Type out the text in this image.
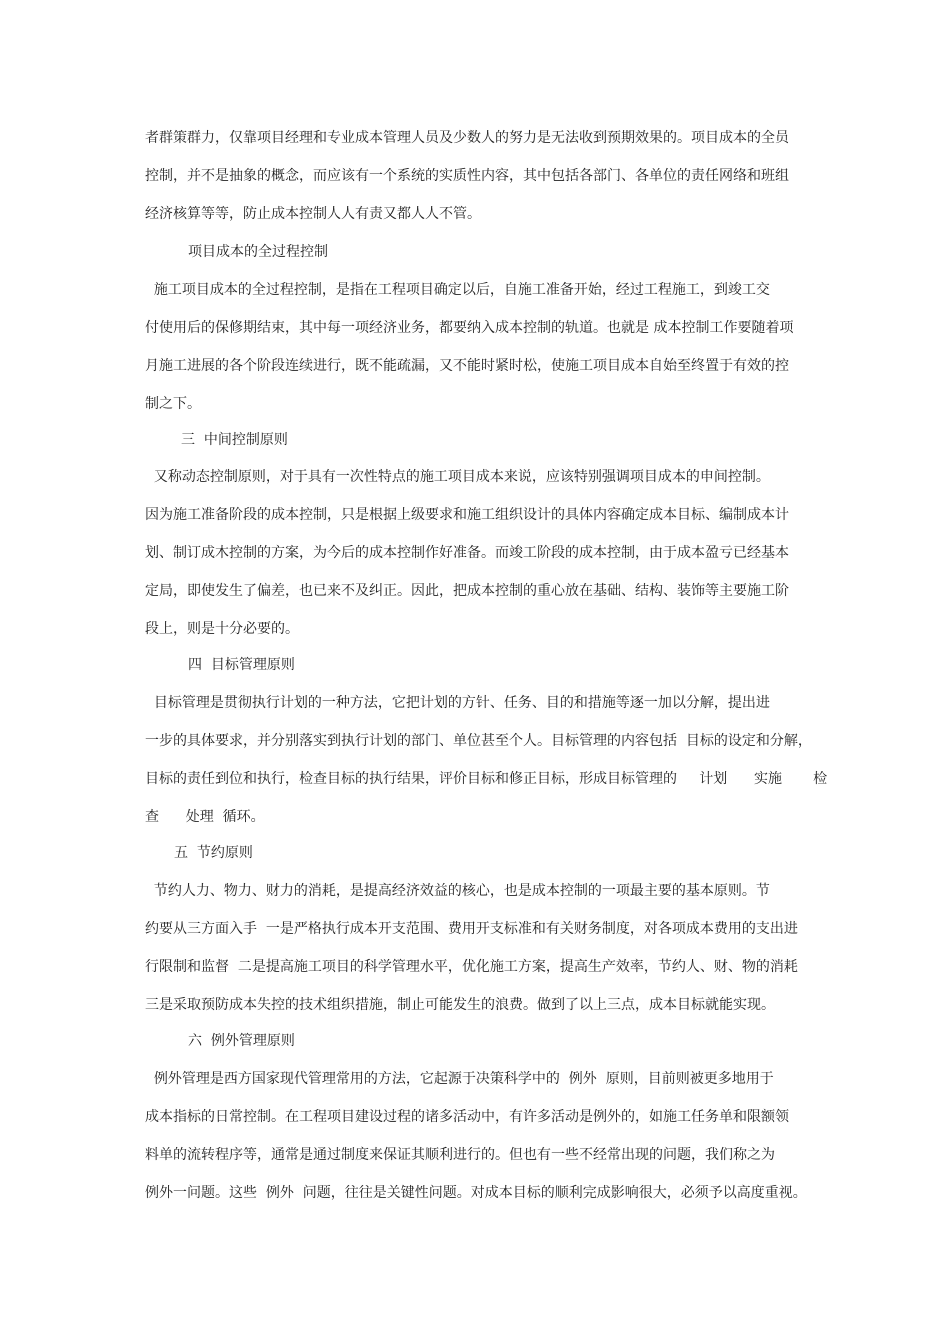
者群策群力，仅靠项目经理和专业成本管理人员及少数人的努力是无法收到预期效果的。项目成本的全员

控制，并不是抽象的概念，而应该有一个系统的实质性内容，其中包括各部门、各单位的责任网络和班组

经济核算等等，防止成本控制人人有责又都人人不管。

项目成本的全过程控制

施工项目成本的全过程控制，是指在工程项目确定以后，自施工准备开始，经过工程施工，到竣工交

付使用后的保修期结束，其中每一项经济业务，都要纳入成本控制的轨道。也就是 成本控制工作要随着项

月施工进展的各个阶段连续进行，既不能疏漏，又不能时紧时松，使施工项目成本自始至终置于有效的控

制之下。

三  中间控制原则

又称动态控制原则，对于具有一次性特点的施工项目成本来说，应该特别强调项目成本的申间控制。

因为施工准备阶段的成本控制，只是根据上级要求和施工组织设计的具体内容确定成本目标、编制成本计

划、制订成木控制的方案，为今后的成本控制作好准备。而竣工阶段的成本控制，由于成本盈亏已经基本

定局，即使发生了偏差，也已来不及纠正。因此，把成本控制的重心放在基础、结构、装饰等主要施工阶

段上，则是十分必要的。

四  目标管理原则

目标管理是贯彻执行计划的一种方法，它把计划的方针、任务、目的和措施等逐一加以分解，提出进

一步的具体要求，并分别落实到执行计划的部门、单位甚至个人。目标管理的内容包括  目标的设定和分解，

目标的责任到位和执行，检查目标的执行结果，评价目标和修正目标，形成目标管理的     计划      实施       检

查      处理  循环。

五  节约原则

节约人力、物力、财力的消耗，是提高经济效益的核心，也是成本控制的一项最主要的基本原则。节

约要从三方面入手  一是严格执行成本开支范围、费用开支标准和有关财务制度，对各项成本费用的支出进

行限制和监督  二是提高施工项目的科学管理水平，优化施工方案，提高生产效率，节约人、财、物的消耗

三是采取预防成本失控的技术组织措施，制止可能发生的浪费。做到了以上三点，成本目标就能实现。

六  例外管理原则

例外管理是西方国家现代管理常用的方法，它起源于决策科学中的  例外  原则，目前则被更多地用于

成本指标的日常控制。在工程项目建设过程的诸多活动中，有许多活动是例外的，如施工任务单和限额领

料单的流转程序等，通常是通过制度来保证其顺利进行的。但也有一些不经常出现的问题，我们称之为

例外一问题。这些  例外  问题，往往是关键性问题。对成本目标的顺利完成影响很大，必须予以高度重视。
